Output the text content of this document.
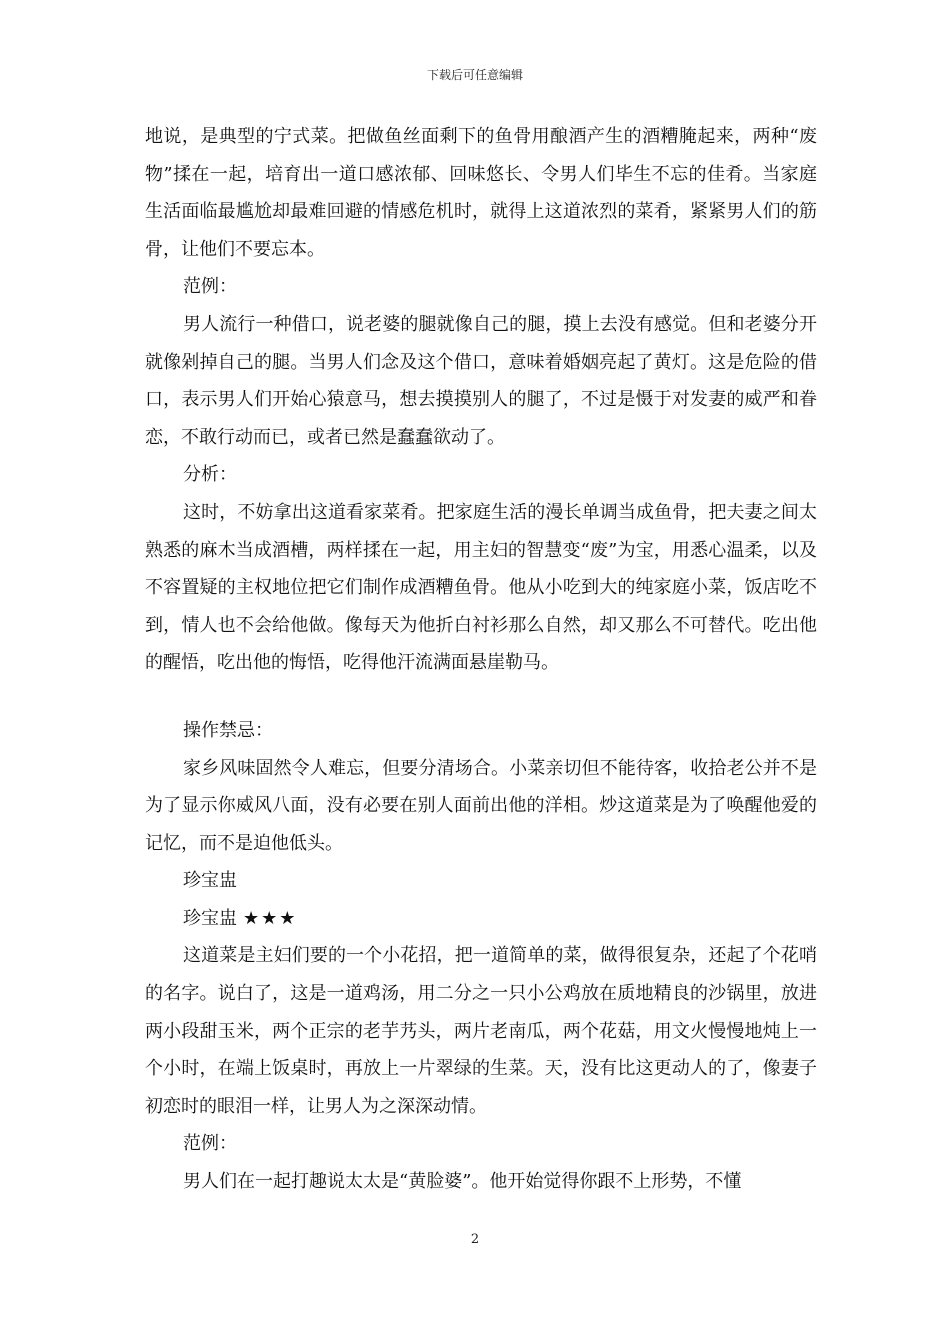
下载后可任意编辑

地说，是典型的宁式菜。把做鱼丝面剩下的鱼骨用酿酒产生的酒糟腌起来，两种“废物”揉在一起，培育出一道口感浓郁、回味悠长、令男人们毕生不忘的佳肴。当家庭生活面临最尴尬却最难回避的情感危机时，就得上这道浓烈的菜肴，紧紧男人们的筋骨，让他们不要忘本。

范例：

男人流行一种借口，说老婆的腿就像自己的腿，摸上去没有感觉。但和老婆分开就像剁掉自己的腿。当男人们念及这个借口，意味着婚姻亮起了黄灯。这是危险的借口，表示男人们开始心猿意马，想去摸摸别人的腿了，不过是慑于对发妻的威严和眷恋，不敢行动而已，或者已然是蠢蠢欲动了。

分析：

这时，不妨拿出这道看家菜肴。把家庭生活的漫长单调当成鱼骨，把夫妻之间太熟悉的麻木当成酒槽，两样揉在一起，用主妇的智慧变“废”为宝，用悉心温柔，以及不容置疑的主权地位把它们制作成酒糟鱼骨。他从小吃到大的纯家庭小菜，饭店吃不到，情人也不会给他做。像每天为他折白衬衫那么自然，却又那么不可替代。吃出他的醒悟，吃出他的悔悟，吃得他汗流满面悬崖勒马。

操作禁忌：

家乡风味固然令人难忘，但要分清场合。小菜亲切但不能待客，收拾老公并不是为了显示你威风八面，没有必要在别人面前出他的洋相。炒这道菜是为了唤醒他爱的记忆，而不是迫他低头。

珍宝盅

珍宝盅 ★★★

这道菜是主妇们要的一个小花招，把一道简单的菜，做得很复杂，还起了个花哨的名字。说白了，这是一道鸡汤，用二分之一只小公鸡放在质地精良的沙锅里，放进两小段甜玉米，两个正宗的老芋艿头，两片老南瓜，两个花菇，用文火慢慢地炖上一个小时，在端上饭桌时，再放上一片翠绿的生菜。天，没有比这更动人的了，像妻子初恋时的眼泪一样，让男人为之深深动情。

范例：

男人们在一起打趣说太太是“黄脸婆”。他开始觉得你跟不上形势，不懂

2
